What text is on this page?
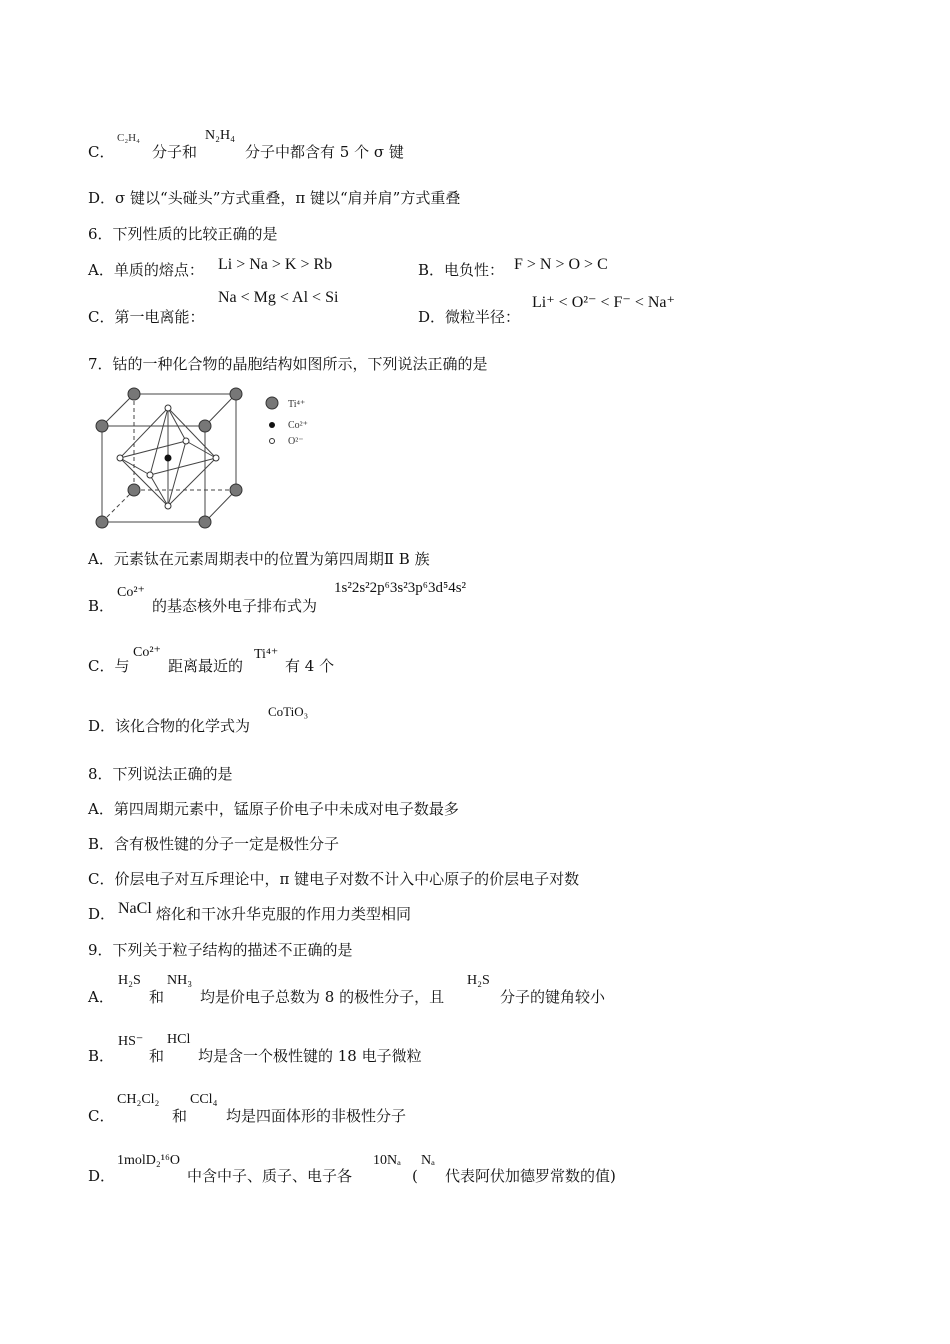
C．
C₂H₄
分子和
N₂H₄
分子中都含有 5 个 σ 键
D．σ 键以“头碰头”方式重叠，π 键以“肩并肩”方式重叠
6．下列性质的比较正确的是
A．单质的熔点： Li > Na > K > Rb	B．电负性： F > N > O > C
C．第一电离能：
Na < Mg < Al < Si
D．微粒半径：
Li⁺ < O²⁻ < F⁻ < Na⁺
7．钴的一种化合物的晶胞结构如图所示，下列说法正确的是
Ti⁴⁺
Co²⁺
O²⁻
A．元素钛在元素周期表中的位置为第四周期Ⅱ B 族
B．
Co²⁺
的基态核外电子排布式为
1s²2s²2p⁶3s²3p⁶3d⁵4s²
C．与
Co²⁺
距离最近的
Ti⁴⁺
有 4 个
D．该化合物的化学式为
CoTiO₃
8．下列说法正确的是
A．第四周期元素中，锰原子价电子中未成对电子数最多
B．含有极性键的分子一定是极性分子
C．价层电子对互斥理论中，π 键电子对数不计入中心原子的价层电子对数
D． NaCl 熔化和干冰升华克服的作用力类型相同
9．下列关于粒子结构的描述不正确的是
A．
H₂S
和
NH₃
均是价电子总数为 8 的极性分子，且
H₂S
分子的键角较小
B．
HS⁻
和
HCl
均是含一个极性键的 18 电子微粒
C．
CH₂Cl₂
和
CCl₄
均是四面体形的非极性分子
D．
1molD₂¹⁶O
中含中子、质子、电子各
10Nₐ
(
Nₐ
代表阿伏加德罗常数的值)
